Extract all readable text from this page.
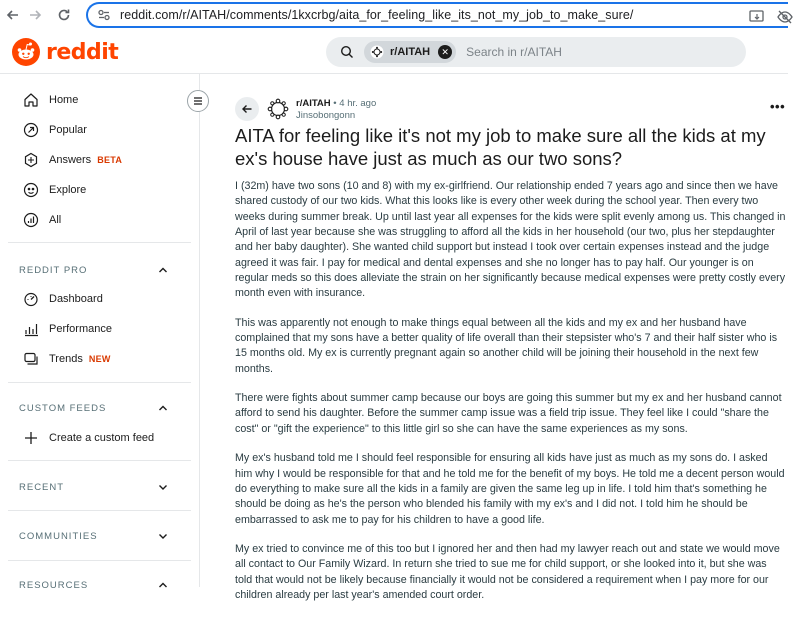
reddit.com/r/AITAH/comments/1kxcrbg/aita_for_feeling_like_its_not_my_job_to_make_sure/
reddit	r/AITAH	✕ Search in r/AITAH
Home
Popular
Answers BETA
Explore
All
REDDIT PRO
Dashboard
Performance
Trends NEW
CUSTOM FEEDS
Create a custom feed
RECENT
COMMUNITIES
RESOURCES
r/AITAH • 4 hr. ago
Jinsobongonn
•••
AITA for feeling like it's not my job to make sure all the kids at my ex's house have just as much as our two sons?

I (32m) have two sons (10 and 8) with my ex-girlfriend. Our relationship ended 7 years ago and since then we have shared custody of our two kids. What this looks like is every other week during the school year. Then every two weeks during summer break. Up until last year all expenses for the kids were split evenly among us. This changed in April of last year because she was struggling to afford all the kids in her household (our two, plus her stepdaughter and her baby daughter). She wanted child support but instead I took over certain expenses instead and the judge agreed it was fair. I pay for medical and dental expenses and she no longer has to pay half. Our younger is on regular meds so this does alleviate the strain on her significantly because medical expenses were pretty costly every month even with insurance.

This was apparently not enough to make things equal between all the kids and my ex and her husband have complained that my sons have a better quality of life overall than their stepsister who's 7 and their half sister who is 15 months old. My ex is currently pregnant again so another child will be joining their household in the next few months.

There were fights about summer camp because our boys are going this summer but my ex and her husband cannot afford to send his daughter. Before the summer camp issue was a field trip issue. They feel like I could "share the cost" or "gift the experience" to this little girl so she can have the same experiences as my sons.

My ex's husband told me I should feel responsible for ensuring all kids have just as much as my sons do. I asked him why I would be responsible for that and he told me for the benefit of my boys. He told me a decent person would do everything to make sure all the kids in a family are given the same leg up in life. I told him that's something he should be doing as he's the person who blended his family with my ex's and I did not. I told him he should be embarrassed to ask me to pay for his children to have a good life.

My ex tried to convince me of this too but I ignored her and then had my lawyer reach out and state we would move all contact to Our Family Wizard. In return she tried to sue me for child support, or she looked into it, but she was told that would not be likely because financially it would not be considered a requirement when I pay more for our children already per last year's amended court order.
